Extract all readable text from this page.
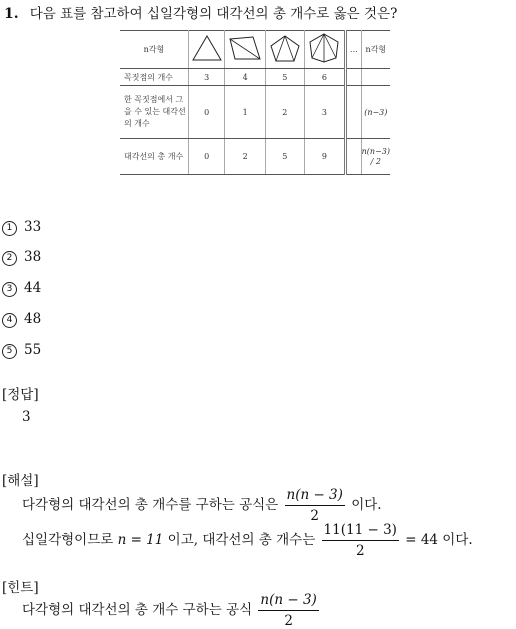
1. 다음 표를 참고하여 십일각형의 대각선의 총 개수로 옳은 것은?
n각형					…	n각형
꼭짓점의 개수	3	4	5	6		
한 꼭짓점에서 그을 수 있는 대각선의 개수	0	1	2	3		(n−3)
대각선의 총 개수	0	2	5	9		n(n−3) / 2
1 33
2 38
3 44
4 48
5 55
[정답]
3
[해설]
다각형의 대각선의 총 개수를 구하는 공식은 $\frac{n(n - 3)}{2}$ 이다.
십일각형이므로 n = 11 이고, 대각선의 총 개수는 $\frac{11(11 - 3)}{2} = 44$ 이다.
[힌트]
다각형의 대각선의 총 개수 구하는 공식 $\frac{n(n - 3)}{2}$
